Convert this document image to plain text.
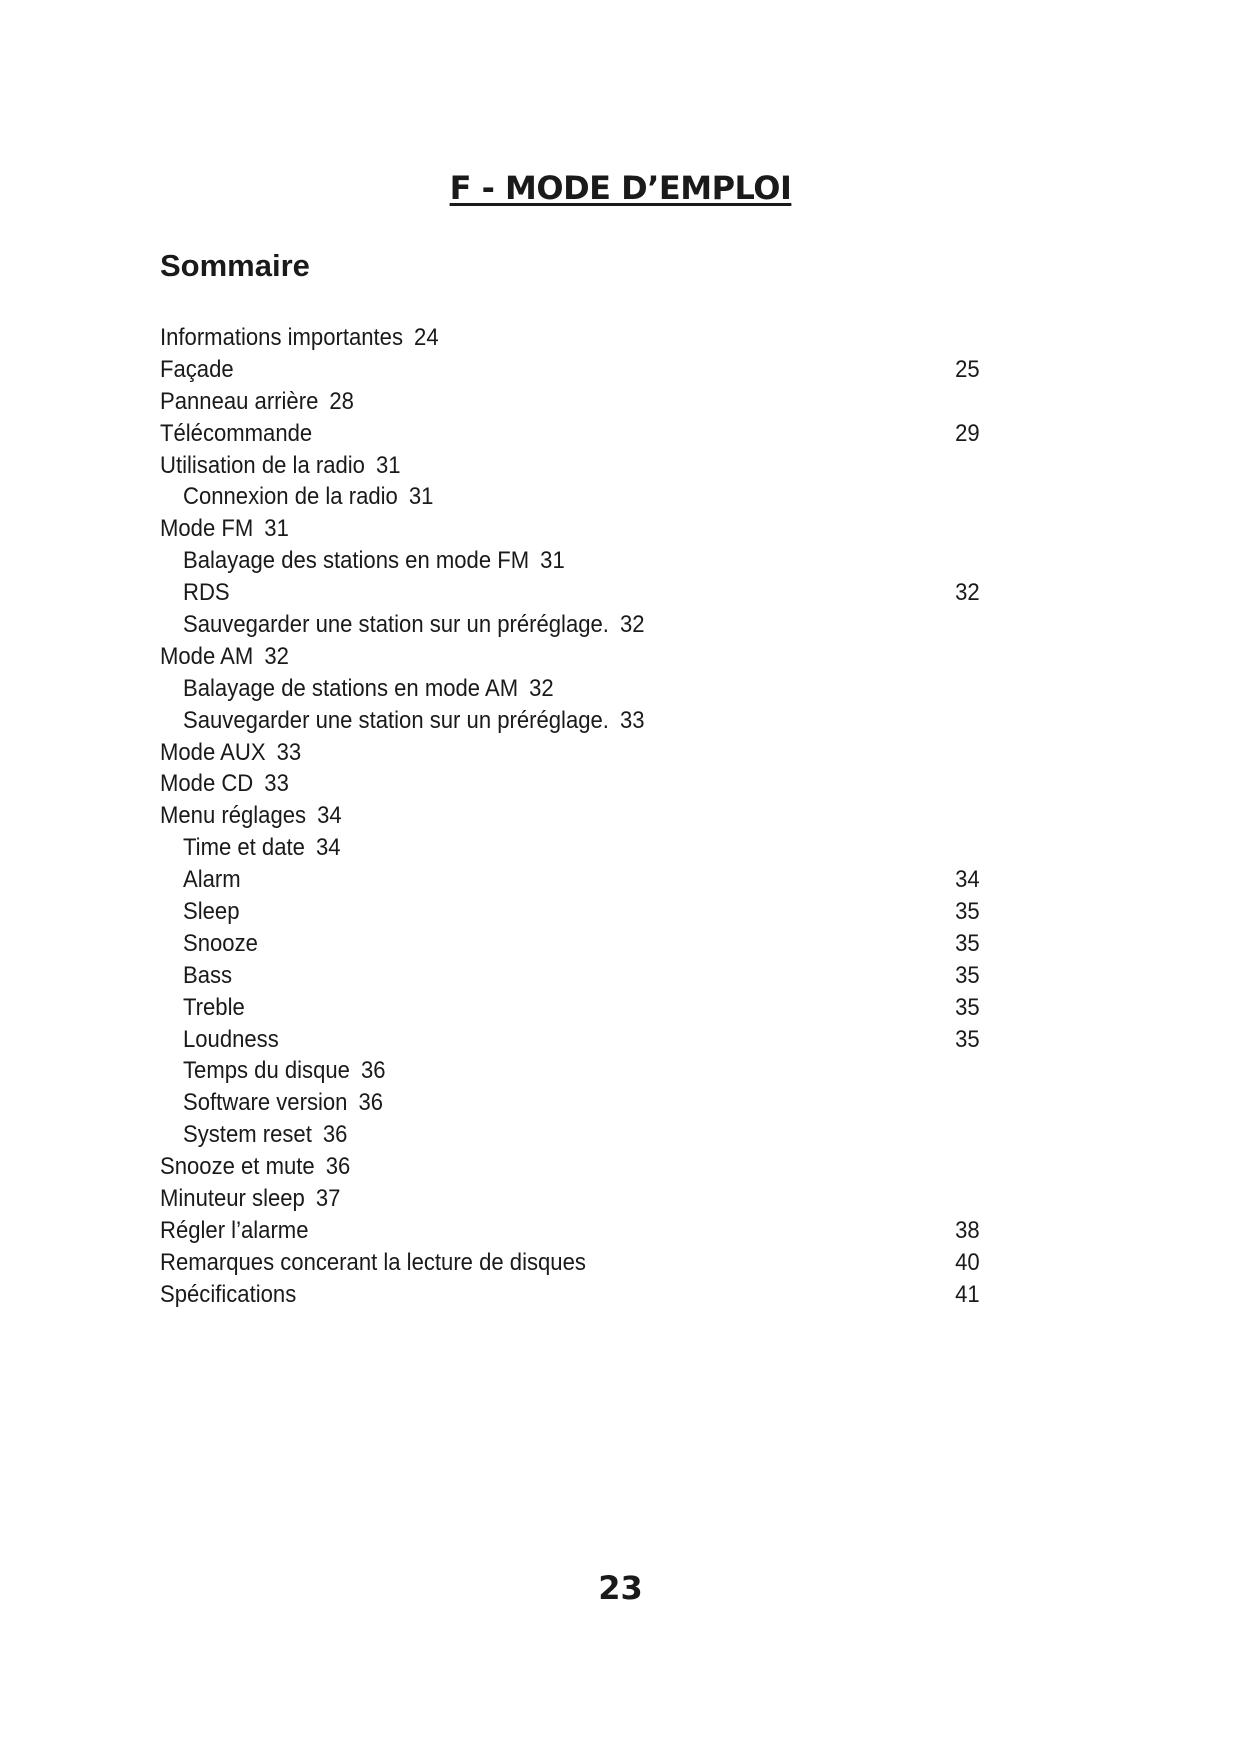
F - MODE D’EMPLOI
Sommaire
Informations importantes 24
Façade	25
Panneau arrière 28
Télécommande	29
Utilisation de la radio 31
Connexion de la radio 31
Mode FM 31
Balayage des stations en mode FM 31
RDS	32
Sauvegarder une station sur un préréglage. 32
Mode AM 32
Balayage de stations en mode AM 32
Sauvegarder une station sur un préréglage. 33
Mode AUX 33
Mode CD 33
Menu réglages 34
Time et date 34
Alarm	34
Sleep	35
Snooze	35
Bass	35
Treble	35
Loudness	35
Temps du disque 36
Software version 36
System reset 36
Snooze et mute 36
Minuteur sleep 37
Régler l’alarme	38
Remarques concerant la lecture de disques	40
Spécifications	41
23
